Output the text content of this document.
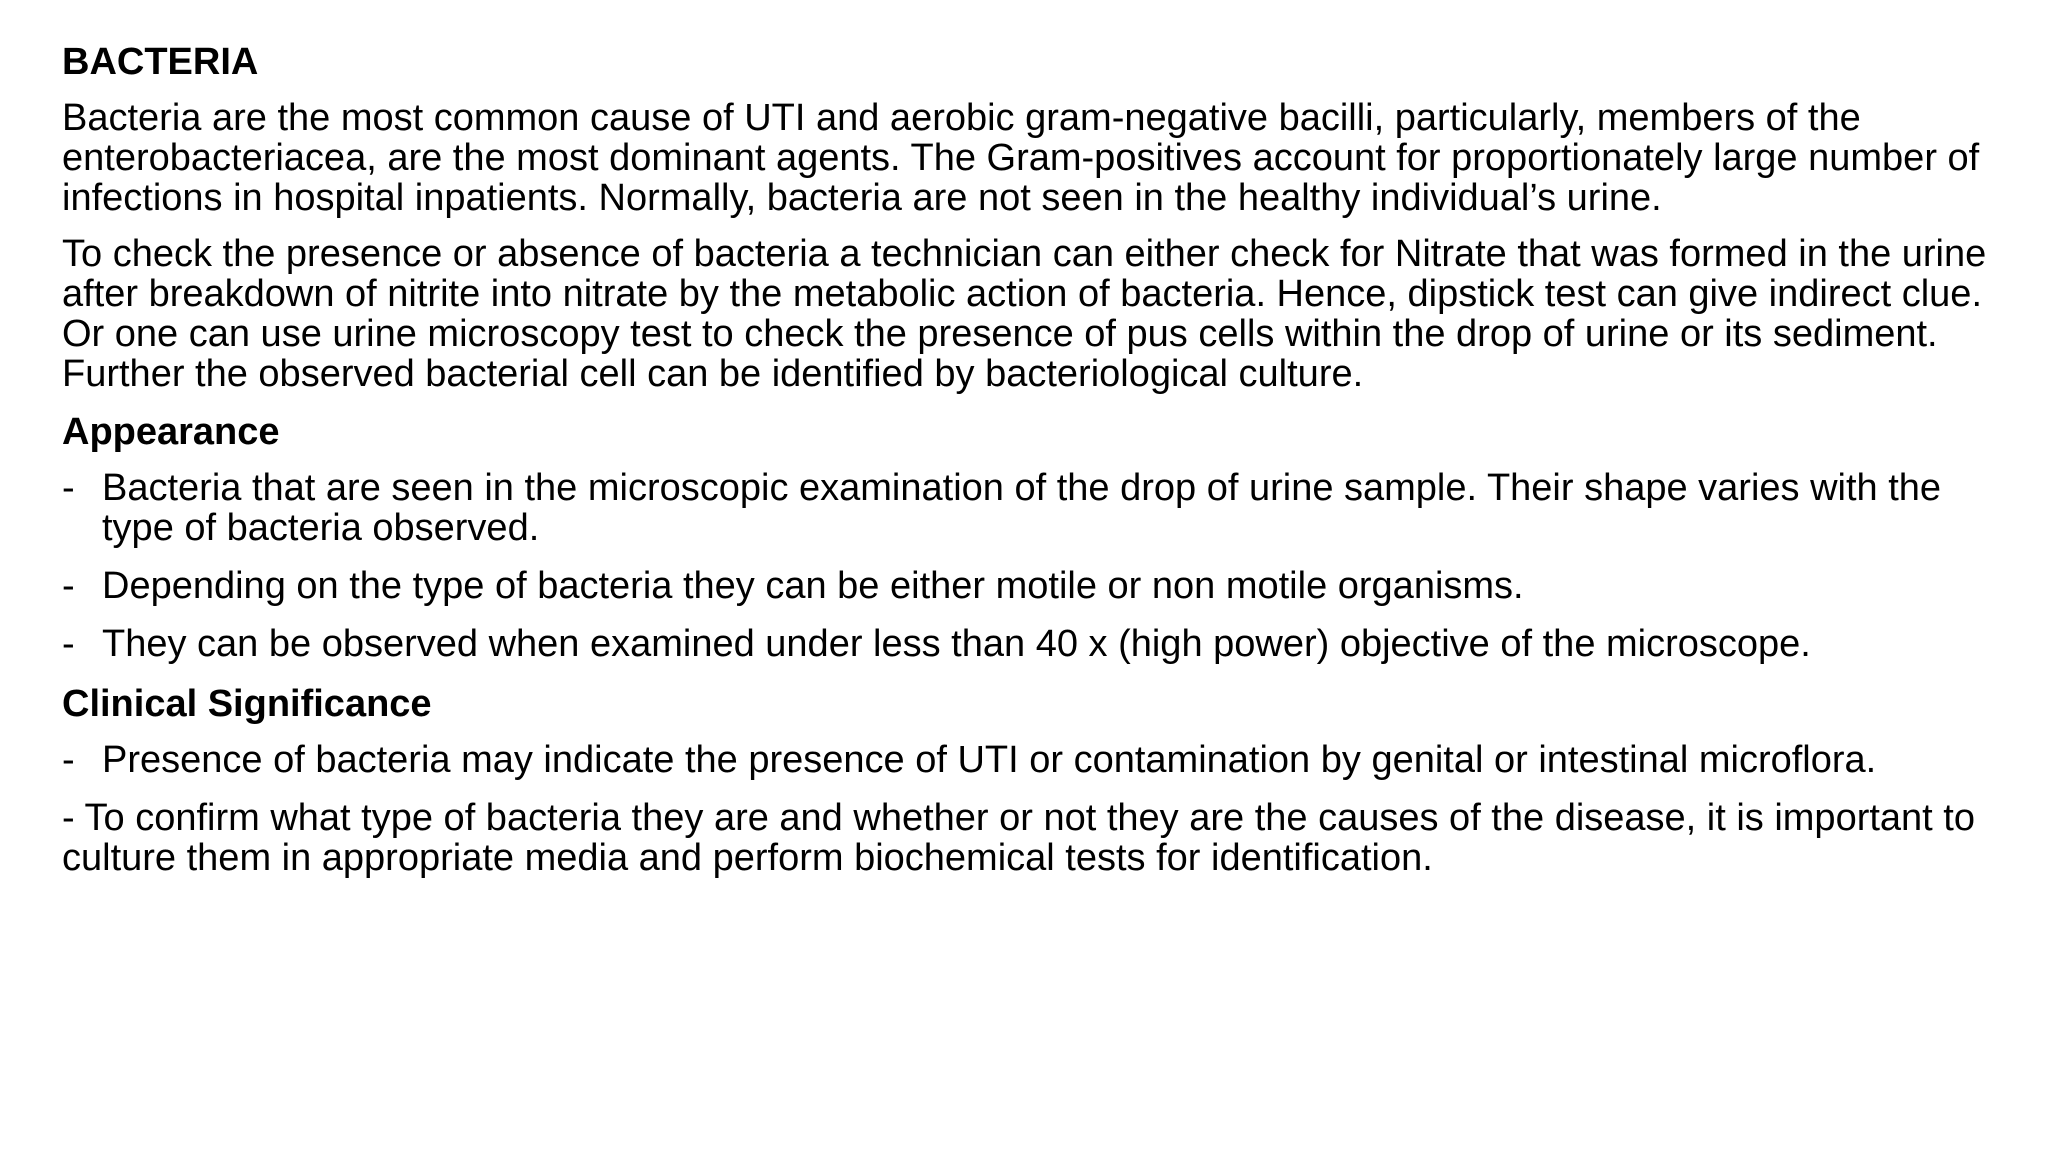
BACTERIA

Bacteria are the most common cause of UTI and aerobic gram-negative bacilli, particularly, members of the enterobacteriacea, are the most dominant agents. The Gram-positives account for proportionately large number of infections in hospital inpatients. Normally, bacteria are not seen in the healthy individual’s urine.

To check the presence or absence of bacteria a technician can either check for Nitrate that was formed in the urine after breakdown of nitrite into nitrate by the metabolic action of bacteria. Hence, dipstick test can give indirect clue. Or one can use urine microscopy test to check the presence of pus cells within the drop of urine or its sediment. Further the observed bacterial cell can be identified by bacteriological culture.

Appearance
- Bacteria that are seen in the microscopic examination of the drop of urine sample. Their shape varies with the type of bacteria observed.
- Depending on the type of bacteria they can be either motile or non motile organisms.
- They can be observed when examined under less than 40 x (high power) objective of the microscope.
Clinical Significance
- Presence of bacteria may indicate the presence of UTI or contamination by genital or intestinal microflora.

- To confirm what type of bacteria they are and whether or not they are the causes of the disease, it is important to culture them in appropriate media and perform biochemical tests for identification.
